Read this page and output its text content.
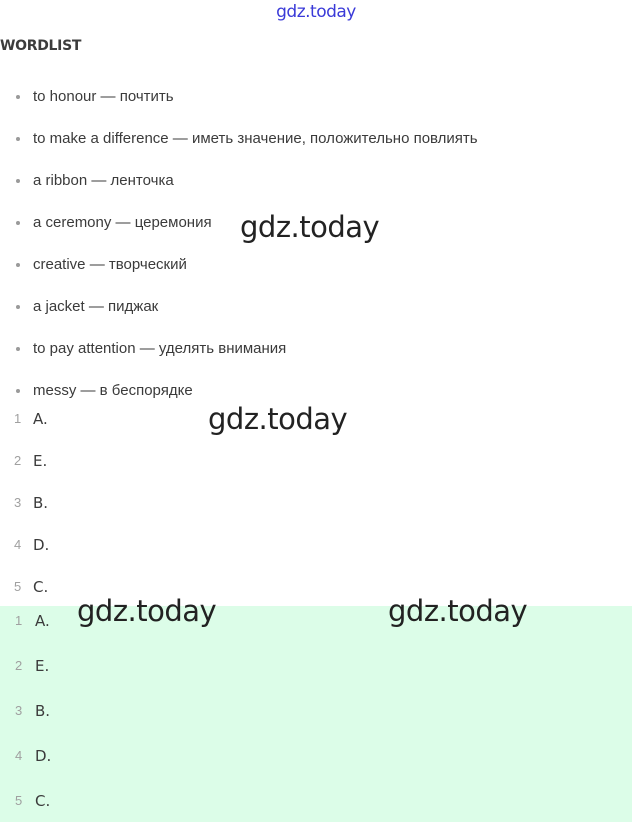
gdz.today
WORDLIST
to honour — почтить
to make a difference — иметь значение, положительно повлиять
a ribbon — ленточка
a ceremony — церемония
creative — творческий
a jacket — пиджак
to pay attention — уделять внимания
messy — в беспорядке
1 A.
2 E.
3 B.
4 D.
5 C.
1 A.
2 E.
3 B.
4 D.
5 C.
gdz.today
gdz.today
gdz.today	gdz.today
